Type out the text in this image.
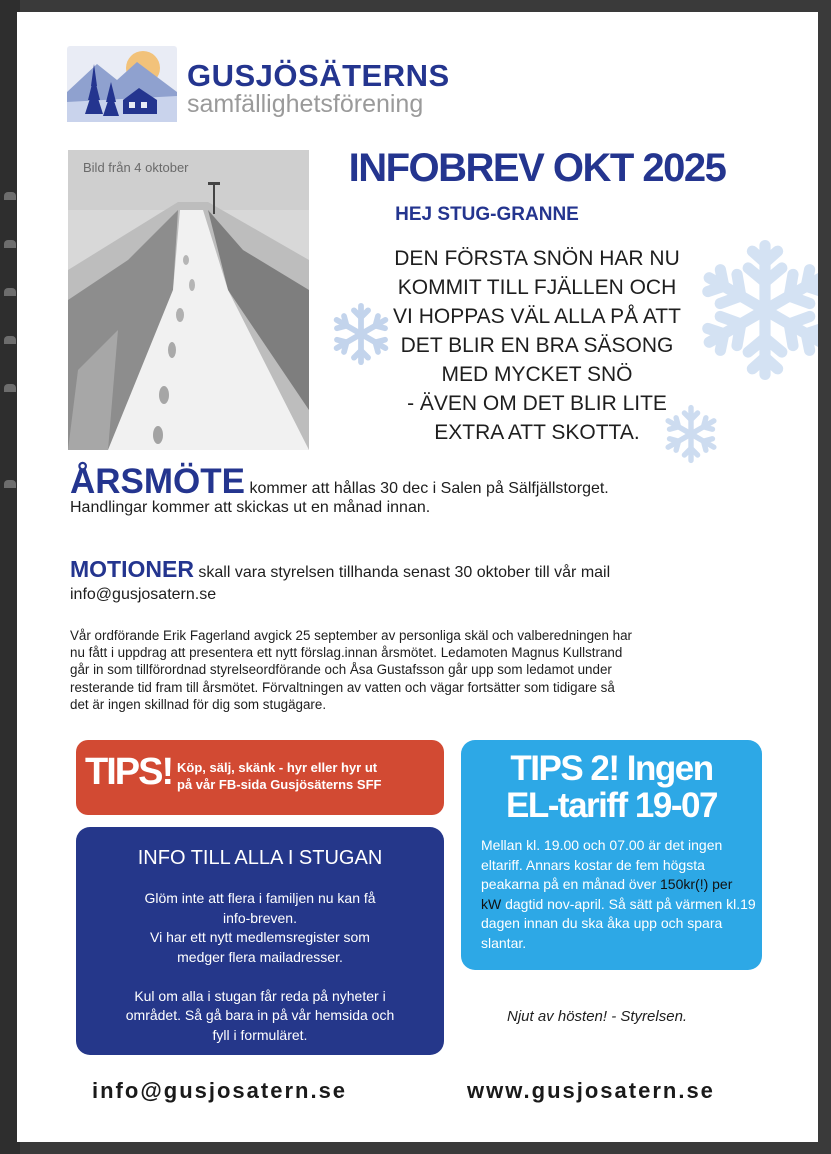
GUSJÖSÄTERNS
samfällighetsförening
Bild från 4 oktober	INFOBREV OKT 2025
HEJ STUG-GRANNE
DEN FÖRSTA SNÖN HAR NU
KOMMIT TILL FJÄLLEN OCH
VI HOPPAS VÄL ALLA PÅ ATT
DET BLIR EN BRA SÄSONG
MED MYCKET SNÖ
- ÄVEN OM DET BLIR LITE
EXTRA ATT SKOTTA.
ÅRSMÖTE kommer att hållas 30 dec i Salen på Sälfjällstorget.
Handlingar kommer att skickas ut en månad innan.
MOTIONER skall vara styrelsen tillhanda senast 30 oktober till vår mail
info@gusjosatern.se
Vår ordförande Erik Fagerland avgick 25 september av personliga skäl och valberedningen har
nu fått i uppdrag att presentera ett nytt förslag.innan årsmötet. Ledamoten Magnus Kullstrand
går in som tillförordnad styrelseordförande och Åsa Gustafsson går upp som ledamot under
resterande tid fram till årsmötet. Förvaltningen av vatten och vägar fortsätter som tidigare så
det är ingen skillnad för dig som stugägare.
TIPS! Köp, sälj, skänk - hyr eller hyr ut
på vår FB-sida Gusjösäterns SFF
INFO TILL ALLA I STUGAN
Glöm inte att flera i familjen nu kan få
info-breven.
Vi har ett nytt medlemsregister som
medger flera mailadresser.

Kul om alla i stugan får reda på nyheter i
området. Så gå bara in på vår hemsida och
fyll i formuläret.
TIPS 2! Ingen
EL-tariff 19-07
Mellan kl. 19.00 och 07.00 är det ingen eltariff. Annars kostar de fem högsta peakarna på en månad över 150kr(!) per kW dagtid nov-april. Så sätt på värmen kl.19 dagen innan du ska åka upp och spara slantar.
Njut av hösten! - Styrelsen.
info@gusjosatern.se	www.gusjosatern.se
